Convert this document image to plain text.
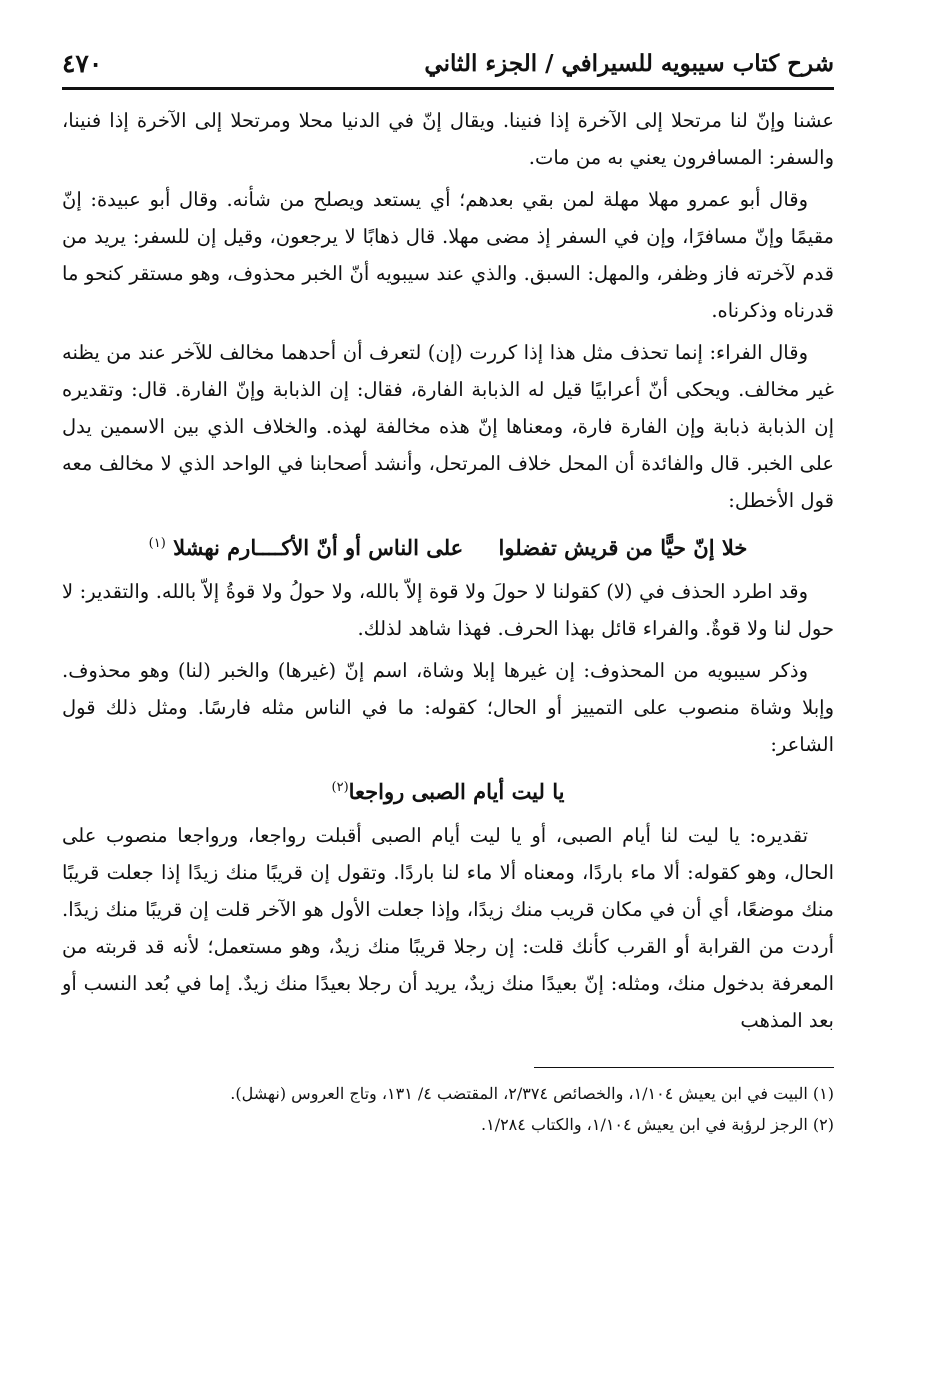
شرح كتاب سيبويه للسيرافي / الجزء الثاني
٤٧٠

عشنا وإنّ لنا مرتحلا إلى الآخرة إذا فنينا. ويقال إنّ في الدنيا محلا ومرتحلا إلى الآخرة إذا فنينا، والسفر: المسافرون يعني به من مات.

وقال أبو عمرو مهلا مهلة لمن بقي بعدهم؛ أي يستعد ويصلح من شأنه. وقال أبو عبيدة: إنّ مقيمًا وإنّ مسافرًا، وإن في السفر إذ مضى مهلا. قال ذهابًا لا يرجعون، وقيل إن للسفر: يريد من قدم لآخرته فاز وظفر، والمهل: السبق. والذي عند سيبويه أنّ الخبر محذوف، وهو مستقر كنحو ما قدرناه وذكرناه.

وقال الفراء: إنما تحذف مثل هذا إذا كررت (إن) لتعرف أن أحدهما مخالف للآخر عند من يظنه غير مخالف. ويحكى أنّ أعرابيًا قيل له الذبابة الفارة، فقال: إن الذبابة وإنّ الفارة. قال: وتقديره إن الذبابة ذبابة وإن الفارة فارة، ومعناها إنّ هذه مخالفة لهذه. والخلاف الذي بين الاسمين يدل على الخبر. قال والفائدة أن المحل خلاف المرتحل، وأنشد أصحابنا في الواحد الذي لا مخالف معه قول الأخطل:

خلا إنّ حيًّا من قريش تفضلوا على الناس أو أنّ الأكــــارم نهشلا $^{(١)}$

وقد اطرد الحذف في (لا) كقولنا لا حولَ ولا قوة إلاّ بالله، ولا حولُ ولا قوةُ إلاّ بالله. والتقدير: لا حول لنا ولا قوةٌ. والفراء قائل بهذا الحرف. فهذا شاهد لذلك.

وذكر سيبويه من المحذوف: إن غيرها إبلا وشاة، اسم إنّ (غيرها) والخبر (لنا) وهو محذوف. وإبلا وشاة منصوب على التمييز أو الحال؛ كقوله: ما في الناس مثله فارسًا. ومثل ذلك قول الشاعر:

يا ليت أيام الصبى رواجعا$^{(٢)}$

تقديره: يا ليت لنا أيام الصبى، أو يا ليت أيام الصبى أقبلت رواجعا، ورواجعا منصوب على الحال، وهو كقوله: ألا ماء باردًا، ومعناه ألا ماء لنا باردًا. وتقول إن قريبًا منك زيدًا إذا جعلت قريبًا منك موضعًا، أي أن في مكان قريب منك زيدًا، وإذا جعلت الأول هو الآخر قلت إن قريبًا منك زيدًا. أردت من القرابة أو القرب كأنك قلت: إن رجلا قريبًا منك زيدٌ، وهو مستعمل؛ لأنه قد قربته من المعرفة بدخول منك، ومثله: إنّ بعيدًا منك زيدٌ، يريد أن رجلا بعيدًا منك زيدٌ. إما في بُعد النسب أو بعد المذهب

(١) البيت في ابن يعيش ١/١٠٤، والخصائص ٢/٣٧٤، المقتضب ٤/ ١٣١، وتاج العروس (نهشل).
(٢) الرجز لرؤبة في ابن يعيش ١/١٠٤، والكتاب ١/٢٨٤.
